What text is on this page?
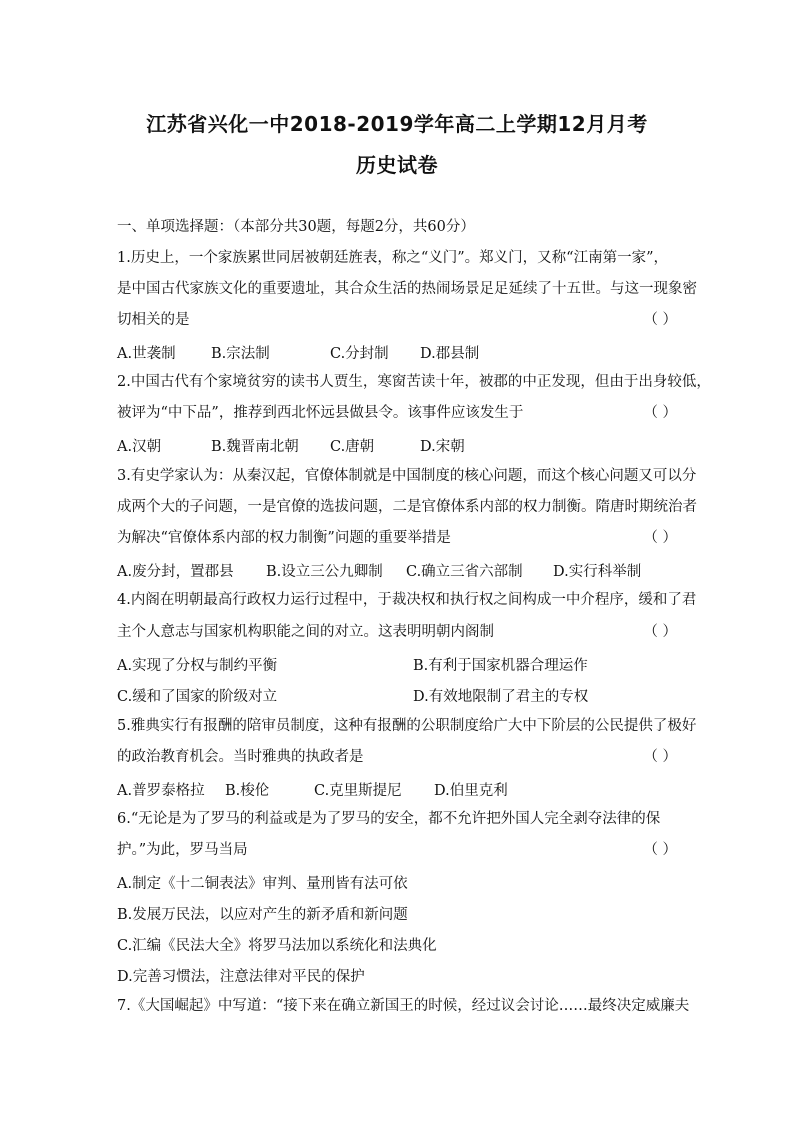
江苏省兴化一中2018-2019学年高二上学期12月月考
历史试卷
一、单项选择题：（本部分共30题，每题2分，共60分）
1.历史上，一个家族累世同居被朝廷旌表，称之“义门”。郑义门，又称“江南第一家”，
是中国古代家族文化的重要遗址，其合众生活的热闹场景足足延续了十五世。与这一现象密
切相关的是	（ ）
A.世袭制 B.宗法制	C.分封制 D.郡县制
2.中国古代有个家境贫穷的读书人贾生，寒窗苦读十年，被郡的中正发现，但由于出身较低，
被评为“中下品”，推荐到西北怀远县做县令。该事件应该发生于	（ ）
A.汉朝	B.魏晋南北朝 C.唐朝	D.宋朝
3.有史学家认为：从秦汉起，官僚体制就是中国制度的核心问题，而这个核心问题又可以分
成两个大的子问题，一是官僚的选拔问题，二是官僚体系内部的权力制衡。隋唐时期统治者
为解决“官僚体系内部的权力制衡”问题的重要举措是	（ ）
A.废分封，置郡县 B.设立三公九卿制 C.确立三省六部制 D.实行科举制
4.内阁在明朝最高行政权力运行过程中，于裁决权和执行权之间构成一中介程序，缓和了君
主个人意志与国家机构职能之间的对立。这表明明朝内阁制	（ ）
A.实现了分权与制约平衡	B.有利于国家机器合理运作
C.缓和了国家的阶级对立	D.有效地限制了君主的专权
5.雅典实行有报酬的陪审员制度，这种有报酬的公职制度给广大中下阶层的公民提供了极好
的政治教育机会。当时雅典的执政者是	（ ）
A.普罗泰格拉 B.梭伦	C.克里斯提尼 D.伯里克利
6.“无论是为了罗马的利益或是为了罗马的安全，都不允许把外国人完全剥夺法律的保
护。”为此，罗马当局	（ ）
A.制定《十二铜表法》审判、量刑皆有法可依
B.发展万民法，以应对产生的新矛盾和新问题
C.汇编《民法大全》将罗马法加以系统化和法典化
D.完善习惯法，注意法律对平民的保护
7.《大国崛起》中写道：“接下来在确立新国王的时候，经过议会讨论……最终决定威廉夫
